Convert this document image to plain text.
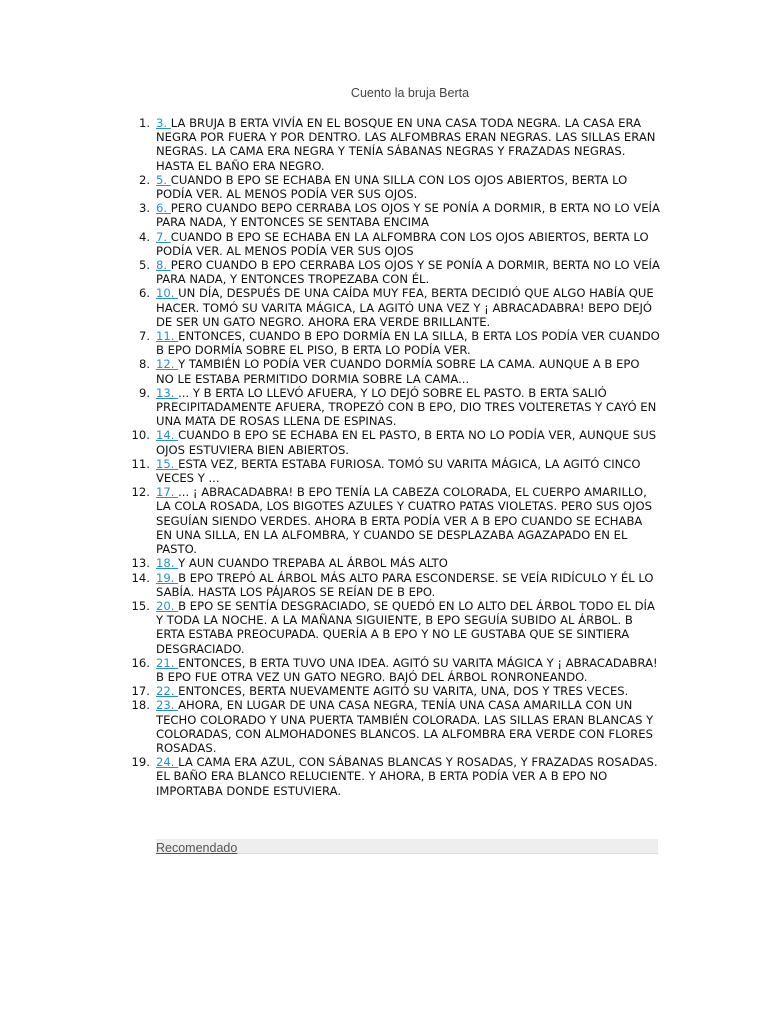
Cuento la bruja Berta

1. 3. LA BRUJA B ERTA VIVÍA EN EL BOSQUE EN UNA CASA TODA NEGRA. LA CASA ERA NEGRA POR FUERA Y POR DENTRO. LAS ALFOMBRAS ERAN NEGRAS. LAS SILLAS ERAN NEGRAS. LA CAMA ERA NEGRA Y TENÍA SÁBANAS NEGRAS Y FRAZADAS NEGRAS. HASTA EL BAÑO ERA NEGRO.
2. 5. CUANDO B EPO SE ECHABA EN UNA SILLA CON LOS OJOS ABIERTOS, BERTA LO PODÍA VER. AL MENOS PODÍA VER SUS OJOS.
3. 6. PERO CUANDO BEPO CERRABA LOS OJOS Y SE PONÍA A DORMIR, B ERTA NO LO VEÍA PARA NADA, Y ENTONCES SE SENTABA ENCIMA
4. 7. CUANDO B EPO SE ECHABA EN LA ALFOMBRA CON LOS OJOS ABIERTOS, BERTA LO PODÍA VER. AL MENOS PODÍA VER SUS OJOS
5. 8. PERO CUANDO B EPO CERRABA LOS OJOS Y SE PONÍA A DORMIR, BERTA NO LO VEÍA PARA NADA, Y ENTONCES TROPEZABA CON ÉL.
6. 10. UN DÍA, DESPUÉS DE UNA CAÍDA MUY FEA, BERTA DECIDIÓ QUE ALGO HABÍA QUE HACER. TOMÓ SU VARITA MÁGICA, LA AGITÓ UNA VEZ Y ¡ ABRACADABRA! BEPO DEJÓ DE SER UN GATO NEGRO. AHORA ERA VERDE BRILLANTE.
7. 11. ENTONCES, CUANDO B EPO DORMÍA EN LA SILLA, B ERTA LOS PODÍA VER CUANDO B EPO DORMÍA SOBRE EL PISO, B ERTA LO PODÍA VER.
8. 12. Y TAMBIÉN LO PODÍA VER CUANDO DORMÍA SOBRE LA CAMA. AUNQUE A B EPO NO LE ESTABA PERMITIDO DORMIA SOBRE LA CAMA...
9. 13. ... Y B ERTA LO LLEVÓ AFUERA, Y LO DEJÓ SOBRE EL PASTO. B ERTA SALIÓ PRECIPITADAMENTE AFUERA, TROPEZÓ CON B EPO, DIO TRES VOLTERETAS Y CAYÓ EN UNA MATA DE ROSAS LLENA DE ESPINAS.
10. 14. CUANDO B EPO SE ECHABA EN EL PASTO, B ERTA NO LO PODÍA VER, AUNQUE SUS OJOS ESTUVIERA BIEN ABIERTOS.
11. 15. ESTA VEZ, BERTA ESTABA FURIOSA. TOMÓ SU VARITA MÁGICA, LA AGITÓ CINCO VECES Y ...
12. 17. ... ¡ ABRACADABRA! B EPO TENÍA LA CABEZA COLORADA, EL CUERPO AMARILLO, LA COLA ROSADA, LOS BIGOTES AZULES Y CUATRO PATAS VIOLETAS. PERO SUS OJOS SEGUÍAN SIENDO VERDES. AHORA B ERTA PODÍA VER A B EPO CUANDO SE ECHABA EN UNA SILLA, EN LA ALFOMBRA, Y CUANDO SE DESPLAZABA AGAZAPADO EN EL PASTO.
13. 18. Y AUN CUANDO TREPABA AL ÁRBOL MÁS ALTO
14. 19. B EPO TREPÓ AL ÁRBOL MÁS ALTO PARA ESCONDERSE. SE VEÍA RIDÍCULO Y ÉL LO SABÍA. HASTA LOS PÁJAROS SE REÍAN DE B EPO.
15. 20. B EPO SE SENTÍA DESGRACIADO, SE QUEDÓ EN LO ALTO DEL ÁRBOL TODO EL DÍA Y TODA LA NOCHE. A LA MAÑANA SIGUIENTE, B EPO SEGUÍA SUBIDO AL ÁRBOL. B ERTA ESTABA PREOCUPADA. QUERÍA A B EPO Y NO LE GUSTABA QUE SE SINTIERA DESGRACIADO.
16. 21. ENTONCES, B ERTA TUVO UNA IDEA. AGITÓ SU VARITA MÁGICA Y ¡ ABRACADABRA! B EPO FUE OTRA VEZ UN GATO NEGRO. BAJÓ DEL ÁRBOL RONRONEANDO.
17. 22. ENTONCES, BERTA NUEVAMENTE AGITÓ SU VARITA, UNA, DOS Y TRES VECES.
18. 23. AHORA, EN LUGAR DE UNA CASA NEGRA, TENÍA UNA CASA AMARILLA CON UN TECHO COLORADO Y UNA PUERTA TAMBIÉN COLORADA. LAS SILLAS ERAN BLANCAS Y COLORADAS, CON ALMOHADONES BLANCOS. LA ALFOMBRA ERA VERDE CON FLORES ROSADAS.
19. 24. LA CAMA ERA AZUL, CON SÁBANAS BLANCAS Y ROSADAS, Y FRAZADAS ROSADAS. EL BAÑO ERA BLANCO RELUCIENTE. Y AHORA, B ERTA PODÍA VER A B EPO NO IMPORTABA DONDE ESTUVIERA.
Recomendado
